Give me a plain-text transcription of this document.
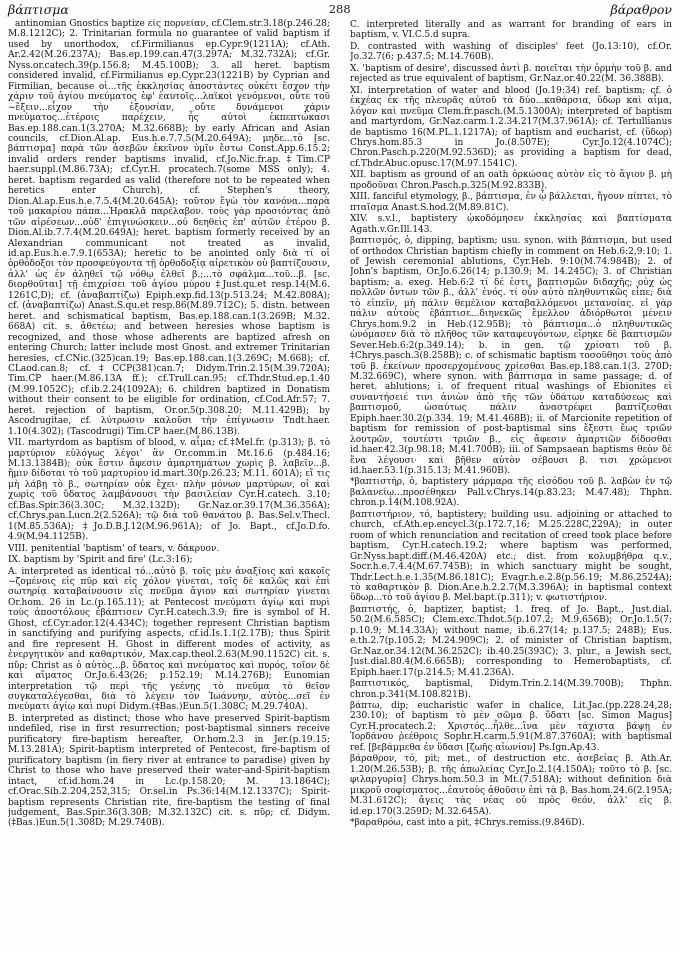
βάπτισμα	288	βάραθρον

antinomian Gnostics baptize εἰς πορνείαν, cf.Clem.str.3.18(p.246.28; M.8.1212C); 2. Trinitarian formula no guarantee of valid baptism if used by unorthodox, cf.Firmilianus ep.Cypr.9(1211A); cf.Ath. Ar.2.42(M.26.237A); Bas.ep.199.can.47(3.297A; M.32.732A); cf.Gr. Nyss.or.catech.39(p.156.8; M.45.100B); 3. all heret. baptism considered invalid, cf.Firmilianus ep.Cypr.23(1221B) by Cyprian and Firmilian, because οἱ...τῆς ἐκκλησίας ἀποστάντες οὐκέτι ἔσχον τὴν χάριν τοῦ ἁγίου πνεύματος ἐφ' ἑαυτοῖς...λαϊκοὶ γενόμενοι, οὔτε τοῦ ~ἔξειν...εἶχον τὴν ἐξουσίαν, οὔτε δυνάμενοι χάριν πνεύματος...ἑτέροις παρέχειν, ἧς αὐτοὶ ἐκπεπτώκασι Bas.ep.188.can.1(3.270A; M.32.668B); by early African and Asian councils, cf.Dion.Al.ap. Eus.h.e.7.7.5(M.20.649A); μηδε...τὸ [sc. βάπτισμα] παρὰ τῶν ἀσεβῶν ἐκεῖνον ὑμῖν ἔστω Const.App.6.15.2; invalid orders render baptisms invalid, cf.Jo.Nic.fr.ap.‡Tim.CP haer.suppl.(M.86.73A); cf.Cyr.H. procatech.7(some MSS only); 4. heret. baptism regarded as valid (therefore not to be repeated when heretics enter Church), cf. Stephen's theory, Dion.Al.ap.Eus.h.e.7.5.4(M.20.645A); τοῦτον ἔγὼ τὸν κανόνα...παρὰ τοῦ μακαρίου πάπα...Ἡρακλᾶ παρέλαβον. τοὺς γὰρ προσιόντας ἀπὸ τῶν αἱρέσεων...οὐδ' ἐπιγινώσκειν...οὐ δεηθεὶς ἐπ' αὐτῶν ἑτέρου β. Dion.Al.ib.7.7.4(M.20.649A); heret. baptism formerly received by an Alexandrian communicant not treated as invalid, id.ap.Eus.h.e.7.9.1(653A); heretic to be anointed only διὰ τί οἱ ὀρθόδοξοι τὸν προσφεύγοντα τῇ ὀρθοδοξίᾳ αἱρετικὸν οὐ βαπτίζουσιν, ἀλλ' ὡς ἐν ἀληθεῖ τῷ νόθῳ ἐλθεῖ β.;...τὸ σφάλμα...τοῦ...β. [sc. διορθοῦται] τῇ ἐπιχρίσει τοῦ ἁγίου μύρου ‡Just.qu.et resp.14(M.6. 1261C,D); cf. (ἀναβαπτίζω) Epiph.exp.fid.13(p.513.24; M.42.808A); cf. (ἀναβαπτίζω) Anast.S.qu.et resp.86(M.89.712C); 5. distn. between heret. and schismatical baptism, Bas.ep.188.can.1(3.269B; M.32. 668A) cit. s. ἀθετέω; and between heresies whose baptism is recognized, and those whose adherents are baptized afresh on entering Church; latter include most Gnost. and extremer Trinitarian heresies, cf.CNic.(325)can.19; Bas.ep.188.can.1(3.269C; M.668); cf. CLaod.can.8; cf.‡CCP(381)can.7; Didym.Trin.2.15(M.39.720A); Tim.CP haer.(M.86.13A ff.); cf.Trull.can.95; cf.Thdr.Stud.ep.1.40 (M.99.1052C); cf.ib.2.24(1092A); 6. children baptized in Donatism without their consent to be eligible for ordination, cf.Cod.Afr.57; 7. heret. rejection of baptism, Or.or.5(p.308.20; M.11.429B); by Ascodrugitae, cf. λύτρωσιν καλοῦσι τὴν ἐπίγνωσιν Tndt.haer. 1.10(4.302); (Tascodrugi) Tim.CP haer.(M.86.13B).

VII. martyrdom as baptism of blood, v. αἷμα; cf.‡Mel.fr. (p.313); β. τὸ μαρτύριον εὐλόγως λέγοι' ἂν Or.comm.in Mt.16.6 (p.484.16; M.13.1384B); οὐκ ἔστιν ἄφεσιν ἁμαρτημάτων χωρὶς β. λαβεῖν...β. ἤμιν δίδοται τὸ τοῦ μαρτυρίου id.mart.30(p.26.23; M.11. 601A); εἴ τις μὴ λάβῃ τὸ β., σωτηρίαν οὐκ ἔχει· πλὴν μόνων μαρτύρων, οἱ καὶ χωρὶς τοῦ ὕδατος λαμβάνουσι τὴν βασιλείαν Cyr.H.catech. 3.10; cf.Bas.Spir.36(3.30C; M.32.132D); Gr.Naz.or.39.17(M.36.356A); cf.Chrys.pan.Lucn.2(2.526A); τῷ διὰ τοῦ θανάτου β. Bas.Sel.v.Thecl. 1(M.85.536A); ‡Jo.D.B.J.12(M.96.961A); of Jo. Bapt., cf.Jo.D.fo. 4.9(M.94.1125B).

VIII. penitential 'baptism' of tears, v. δάκρυον.

IX. baptism by 'Spirit and fire' (Lc.3:16);

A. interpreted as identical τό...αὐτὸ β. τοῖς μὲν ἀναξίοις καὶ κακοῖς ~ζομένοις εἰς πῦρ καὶ εἰς χόλον γίνεται, τοῖς δὲ καλῶς καὶ ἐπὶ σωτηρίᾳ καταβαίνουσιν εἰς πνεῦμα ἅγιον καὶ σωτηρίαν γίνεται Or.hom. 26 in Lc.(p.165.11); at Pentecost πνεύματι ἁγίῳ καὶ πυρὶ τοὺς ἀποστόλους ἐβάπτισεν Cyr.H.catech.3.9; fire is symbol of H. Ghost, cf.Cyr.ador.12(4.434C); together represent Christian baptism in sanctifying and purifying aspects, cf.id.Is.1.1(2.17B); thus Spirit and fire represent H. Ghost in different modes of activity, as ἐνεργητικὸν and καθαρτικόν, Max.cap.theol.2.63(M.90.1152C) cit. s. πῦρ; Christ as ὁ αὐτὸς...β. ὕδατος καὶ πνεύματος καὶ πυρός, τοῖον δὲ καὶ αἵματος Or.Jo.6.43(26; p.152.19; M.14.276B); Eunomian interpretation τῷ περὶ τῆς γεένης τὸ πνεῦμα τὸ θεῖον συγκαταλέγεσθαι, διὰ τὸ λέγειν τὸν Ἰωάννην, αὐτὸς...σεῖ ἐν πνεύματι ἁγίῳ καὶ πυρί Didym.(‡Bas.)Eun.5(1.308C; M.29.740A).

B. interpreted as distinct; those who have preserved Spirit-baptism undefiled, rise in first resurrection; post-baptismal sinners receive purificatory fire-baptism hereafter, Or.hom.2.3 in Jer.(p.19.15; M.13.281A); Spirit-baptism interpreted of Pentecost, fire-baptism of purificatory baptism (in fiery river at entrance to paradise) given by Christ to those who have preserved their water-and-Spirit-baptism intact, cf.id.hom.24 in Lc.(p.158.20; M. 13.1864C); cf.Orac.Sib.2.204,252,315; Or.sel.in Ps.36:14(M.12.1337C); Spirit-baptism represents Christian rite, fire-baptism the testing of final judgement, Bas.Spir.36(3.30B; M.32.132C) cit. s. πῦρ; cf. Didym.(‡Bas.)Eun.5(1.308D; M.29.740B).

C. interpreted literally and as warrant for branding of ears in baptism, v. VI.C.5.d supra.

D. contrasted with washing of disciples' feet (Jo.13:10), cf.Or. Jo.32.7(6; p.437.5; M.14.760B).

X. 'baptism of desire', discussed ἀντὶ β. ποιεῖται τὴν ὁρμὴν τοῦ β. and rejected as true equivalent of baptism, Gr.Naz.or.40.22(M. 36.388B).

XI. interpretation of water and blood (Jo.19:34) ref. baptism; cf. ὁ ἐκχέας ἐκ τῆς πλευρᾶς αὐτοῦ τὰ δύο...καθάρσια, ὕδωρ καὶ αἷμα, λόγον καὶ πνεῦμα Clem.fr.pasch.(M.5.1300A); interpreted of baptism and martyrdom, Gr.Naz.carm.1.2.34.217(M.37.961A); cf. Tertullianus de baptismo 16(M.PL.1.1217A); of baptism and eucharist, cf. (ὕδωρ) Chrys.hom.85.3 in Jo.(8.507E); Cyr.Jo.12(4.1074C); Chron.Pasch.p.220(M.92.536D); as providing a baptism for dead, cf.Thdr.Abuc.opusc.17(M.97.1541C).

XII. baptism as ground of an oath ὁρκώσας αὐτὸν εἰς τὸ ἅγιον β. μὴ προδοῦναι Chron.Pasch.p.325(M.92.833B).

XIII. fanciful etymology, β., βάπτισμα, ἐν ᾧ βάλλεται, ἤγουν πίπτει, τὸ πταῖσμα Anast.S.hod.2(M.89.81C).

XIV. s.v.l., baptistery ᾠκοδόμησεν ἐκκλησίας καὶ βαπτίσματα Agath.v.Gr.Ill.143.

βαπτισμός, ὁ, dipping, baptism; usu. synon. with βάπτισμα, but used of orthodox Christian baptism chiefly in comment on Heb.6:2,9:10; 1. of Jewish ceremonial ablutions, Cyr.Heb. 9:10(M.74.984B); 2. of John's baptism, Or.Jo.6.26(14; p.130.9; M. 14.245C); 3. of Christian baptism; a. exeg. Heb.6:2 τί δέ ἐστι, βαπτισμῶν διδαχῆς; οὐχ ὡς πολλῶν ὄντων τῶν β., ἀλλ' ἑνός. τί οὖν αὐτὸ πληθυντικῶς εἶπε; διὰ τὸ εἰπεῖν, μὴ πάλιν θεμέλιον καταβαλλόμενοι μετανοίας. εἰ γὰρ πάλιν αὐτοὺς ἐβάπτισε...διηνεκῶς ἔμελλον ἀδιόρθωτοι μένειν Chrys.hom.9.2 in Heb.(12.95B); τὸ βάπτισμα...ὁ πληθυντικῶς ὠνόμασεν διὰ τὸ πλῆθος τῶν καταφευγόντων, εἴρηκε δὲ βαπτισμῶν Sever.Heb.6:2(p.349.14); b. in gen. τῷ χρίσατι τοῦ β. ‡Chrys.pasch.3(8.258B); c. of schismatic baptism τοσοῦθησι τοὺς ἀπὸ τοῦ β. ἐκείνων προσερχομένους χρίεσθαι Bas.ep.188.can.1(3. 270D; M.32.669C), where synon. with βάπτισμα in same passage; d. of heret. ablutions; i. of frequent ritual washings of Ebionites εἰ συναντήσειέ τινι ἀνιὼν ἀπὸ τῆς τῶν ὑδάτων καταδύσεως καὶ βαπτισμοῦ, ὡσαύτως πάλιν ἀναστρέφει βαπτίζεσθαι Epiph.haer.30.2(p.334. 19; M.41.468B); ii. of Marcionite repetition of baptism for remission of post-baptismal sins ἔξεστι ἔως τριῶν λουτρῶν, τουτέστι τριῶν β., εἰς ἄφεσιν ἁμαρτιῶν δίδοσθαι id.haer.42.3(p.98.18; M.41.700B); iii. of Sampsaean baptisms θεὸν δὲ ἕνα λέγουσι· καὶ βῆθεν αὐτὸν σέβουσι β. τισι χρώμενοι id.haer.53.1(p.315.13; M.41.960B).

*βαπτιστήρ, ὁ, baptistery μάρμαρα τῆς εἰσόδου τοῦ β. λαβὼν ἐν τῷ βαλανείῳ...προσέθηκεν Pall.v.Chrys.14(p.83.23; M.47.48); Thphn. chron.p.14(M.108.92A).

βαπτιστήριον, τό, baptistery; building usu. adjoining or attached to church, cf.Ath.ep.encycl.3(p.172.7,16; M.25.228C,229A); in outer room of which renunciation and recitation of creed took place before baptism, Cyr.H.catech.19.2; where baptism was performed, Gr.Nyss.bapt.diff.(M.46.420A) etc.; dist. from κολυμβήθρα q.v., Socr.h.e.7.4.4(M.67.745B); in which sanctuary might be sought, Thdr.Lect.h.e.1.35(M.86.181C); Evagr.h.e.2.8(p.56.19; M.86.2524A); τὸ καθαρτικὸν β. Dion.Ar.e.h.2.2.7(M.3.396A); in baptismal context ὕδωρ...τὸ τοῦ ἁγίου β. Mel.bapt.(p.311); v. φωτιστήριον.

βαπτιστής, ὁ, baptizer, baptist; 1. freq. of Jo. Bapt., Just.dial. 50.2(M.6.585C); Clem.exc.Thdot.5(p.107.2; M.9.656B); Or.Jo.1.5(7; p.10.9; M.14.33A); without name, ib.6.27(14; p.137.5; 248B); Eus. e.th.2.7(p.105.2; M.24.909C); 2. of minister of Christian baptism, Gr.Naz.or.34.12(M.36.252C); ib.40.25(393C); 3. plur., a Jewish sect, Just.dial.80.4(M.6.665B); corresponding to Hemerobaptists, cf. Epiph.haer.17(p.214.5; M.41.236A).

βαπτιστικός, baptismal, Didym.Trin.2.14(M.39.700B); Thphn. chron.p.341(M.108.821B).

βάπτω, dip; eucharistic wafer in chalice, Lit.Jac.(pp.228.24,28; 230.10); of baptism τὸ μὲν σῶμα β. ὕδατι [sc. Simon Magus] Cyr.H.procatech.2; Χριστός...ἦλθε...ἵνα μὲν τάχιστα βάψῃ ἐν Ἰορδάνου ῥεέθροις Sophr.H.carm.5.91(M.87.3760A); with baptismal ref. [βεβάμμεθα ἐν ὕδασι [ζωῆς αἰωνίου] Ps.Ign.Ap.43.

βάραθρον, τό, pit; met., of destruction etc. ἀσεβείας β. Ath.Ar. 1.20(M.26.53B); β. τῆς ἀπωλείας Cyr.Jo.2.1(4.150A); τοῦτο τὸ β. [sc. φιλαργυρία] Chrys.hom.50.3 in Mt.(7.518A); without definition διὰ μικροῦ σοφίσματος...ἑαυτοὺς ἀθοῦσιν ἐπὶ τὰ β. Bas.hom.24.6(2.195A; M.31.612C); ἄγεις τὰς νέας οὐ πρὸς θεόν, ἀλλ' εἰς β. id.ep.170(3.259D; M.32.645A).

*βαραθρόω, cast into a pit, ‡Chrys.remiss.(9.846D).
